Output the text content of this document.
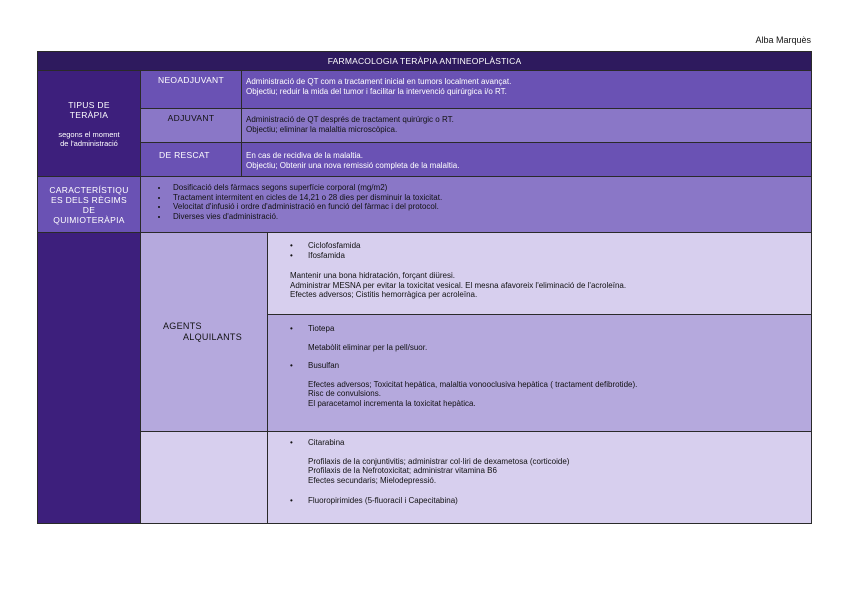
Alba Marquès
FARMACOLOGIA TERÀPIA ANTINEOPLÀSTICA
TIPUS DE
TERÀPIA
segons el moment
de l'administració
NEOADJUVANT	Administració de QT com a tractament inicial en tumors localment avançat.
Objectiu; reduir la mida del tumor i facilitar la intervenció quirúrgica i/o RT.
ADJUVANT	Administració de QT després de tractament quirúrgic o RT.
Objectiu; eliminar la malaltia microscòpica.
DE RESCAT	En cas de recidiva de la malaltia.
Objectiu; Obtenir una nova remissió completa de la malaltia.
CARACTERÍSTIQU
ES DELS RÈGIMS
DE
QUIMIOTERÀPIA
• Dosificació dels fàrmacs segons superfície corporal (mg/m2)
• Tractament intermitent en cicles de 14,21 o 28 dies per disminuir la toxicitat.
• Velocitat d'infusió i ordre d'administració en funció del fàrmac i del protocol.
• Diverses vies d'administració.
AGENTS
ALQUILANTS
•	Ciclofosfamida
•	Ifosfamida
Mantenir una bona hidratación, forçant diüresi.
Administrar MESNA per evitar la toxicitat vesical. El mesna afavoreix l'eliminació de l'acroleïna.
Efectes adversos; Cistitis hemorràgica per acroleïna.
•	Tiotepa
Metabòlit eliminar per la pell/suor.
•	Busulfan
Efectes adversos; Toxicitat hepàtica, malaltia vonooclusiva hepàtica ( tractament defibrotide).
Risc de convulsions.
El paracetamol incrementa la toxicitat hepàtica.
•	Citarabina
Profilaxis de la conjuntivitis; administrar col·liri de dexametosa (corticoide)
Profilaxis de la Nefrotoxicitat; administrar vitamina B6
Efectes secundaris; Mielodepressió.
•	Fluoropirimides (5-fluoracil i Capecitabina)
